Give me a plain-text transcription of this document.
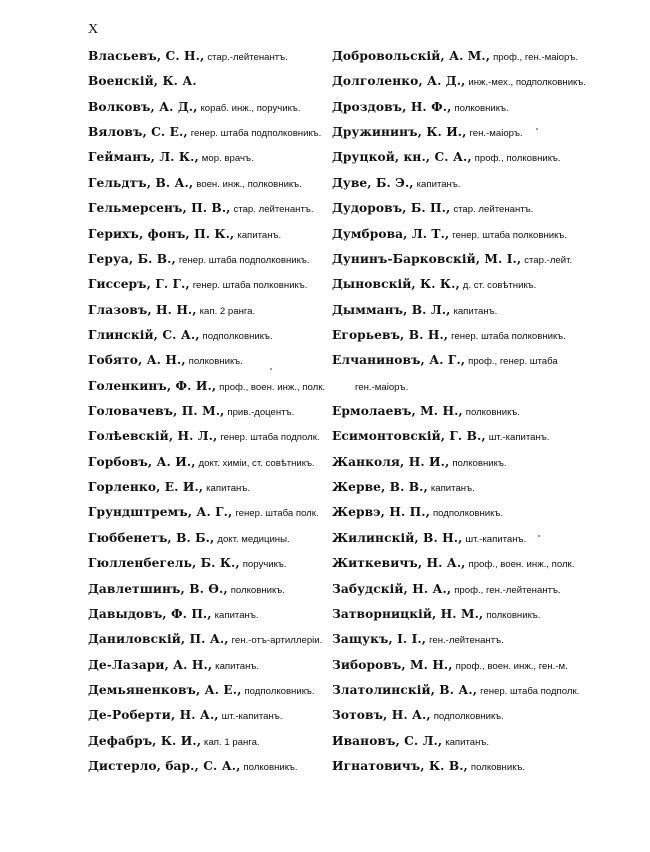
X
Власьевъ, С. Н., стар.-лейтенантъ.
Военскій, К. А.
Волковъ, А. Д., кораб. инж., поручикъ.
Вяловъ, С. Е., генер. штаба подполковникъ.
Гейманъ, Л. К., мор. врачъ.
Гельдтъ, В. А., воен. инж., полковникъ.
Гельмерсенъ, П. В., стар. лейтенантъ.
Герихъ, фонъ, П. К., капитанъ.
Геруа, Б. В., генер. штаба подполковникъ.
Гиссеръ, Г. Г., генер. штаба полковникъ.
Глазовъ, Н. Н., кап. 2 ранга.
Глинскій, С. А., подполковникъ.
Гобято, А. Н., полковникъ.
Голенкинъ, Ф. И., проф., воен. инж., полк.
Головачевъ, П. М., прив.-доцентъ.
Голѣевскій, Н. Л., генер. штаба подполк.
Горбовъ, А. И., докт. химіи, ст. совѣтникъ.
Горленко, Е. И., капитанъ.
Грундштремъ, А. Г., генер. штаба полк.
Гюббенетъ, В. Б., докт. медицины.
Гюлленбегель, Б. К., поручикъ.
Давлетшинъ, В. Ѳ., полковникъ.
Давыдовъ, Ф. П., капитанъ.
Даниловскій, П. А., ген.-отъ-артиллеріи.
Де-Лазари, А. Н., капитанъ.
Демьяненковъ, А. Е., подполковникъ.
Де-Роберти, Н. А., шт.-капитанъ.
Дефабръ, К. И., кап. 1 ранга.
Дистерло, бар., С. А., полковникъ.
Добровольскій, А. М., проф., ген.-маіоръ.
Долголенко, А. Д., инж.-мех., подполковникъ.
Дроздовъ, Н. Ф., полковникъ.
Дружининъ, К. И., ген.-маіоръ.
Друцкой, кн., С. А., проф., полковникъ.
Дуве, Б. Э., капитанъ.
Дудоровъ, Б. П., стар. лейтенантъ.
Думброва, Л. Т., генер. штаба полковникъ.
Дунинъ-Барковскій, М. І., стар.-лейт.
Дыновскій, К. К., д. ст. совѣтникъ.
Дымманъ, В. Л., капитанъ.
Егорьевъ, В. Н., генер. штаба полковникъ.
Елчаниновъ, А. Г., проф., генер. штаба
ген.-маіоръ.
Ермолаевъ, М. Н., полковникъ.
Есимонтовскій, Г. В., шт.-капитанъ.
Жанколя, Н. И., полковникъ.
Жерве, В. В., капитанъ.
Жервэ, Н. П., подполковникъ.
Жилинскій, В. Н., шт.-капитанъ.
Житкевичъ, Н. А., проф., воен. инж., полк.
Забудскій, Н. А., проф., ген.-лейтенантъ.
Затворницкій, Н. М., полковникъ.
Защукъ, І. І., ген.-лейтенантъ.
Зиборовъ, М. Н., проф., воен. инж., ген.-м.
Златолинскій, В. А., генер. штаба подполк.
Зотовъ, Н. А., подполковникъ.
Ивановъ, С. Л., капитанъ.
Игнатовичъ, К. В., полковникъ.
